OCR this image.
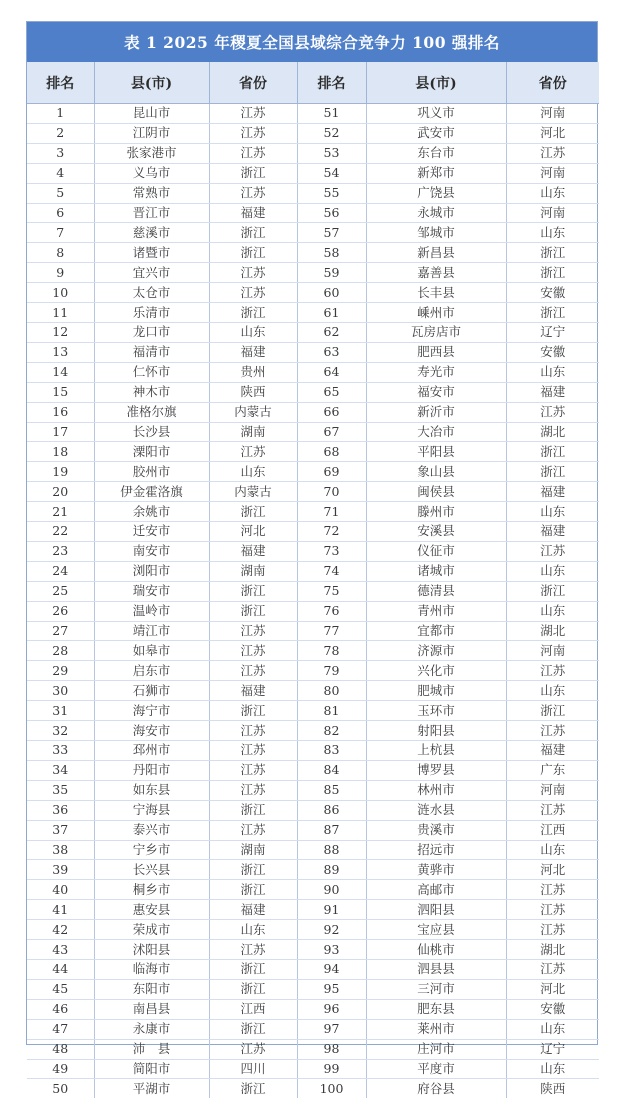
表 1 2025 年稷夏全国县域综合竞争力 100 强排名
排名	县(市)	省份	排名	县(市)	省份
1	昆山市	江苏	51	巩义市	河南
2	江阴市	江苏	52	武安市	河北
3	张家港市	江苏	53	东台市	江苏
4	义乌市	浙江	54	新郑市	河南
5	常熟市	江苏	55	广饶县	山东
6	晋江市	福建	56	永城市	河南
7	慈溪市	浙江	57	邹城市	山东
8	诸暨市	浙江	58	新昌县	浙江
9	宜兴市	江苏	59	嘉善县	浙江
10	太仓市	江苏	60	长丰县	安徽
11	乐清市	浙江	61	嵊州市	浙江
12	龙口市	山东	62	瓦房店市	辽宁
13	福清市	福建	63	肥西县	安徽
14	仁怀市	贵州	64	寿光市	山东
15	神木市	陕西	65	福安市	福建
16	准格尔旗	内蒙古	66	新沂市	江苏
17	长沙县	湖南	67	大冶市	湖北
18	溧阳市	江苏	68	平阳县	浙江
19	胶州市	山东	69	象山县	浙江
20	伊金霍洛旗	内蒙古	70	闽侯县	福建
21	余姚市	浙江	71	滕州市	山东
22	迁安市	河北	72	安溪县	福建
23	南安市	福建	73	仪征市	江苏
24	浏阳市	湖南	74	诸城市	山东
25	瑞安市	浙江	75	德清县	浙江
26	温岭市	浙江	76	青州市	山东
27	靖江市	江苏	77	宜都市	湖北
28	如皋市	江苏	78	济源市	河南
29	启东市	江苏	79	兴化市	江苏
30	石狮市	福建	80	肥城市	山东
31	海宁市	浙江	81	玉环市	浙江
32	海安市	江苏	82	射阳县	江苏
33	邳州市	江苏	83	上杭县	福建
34	丹阳市	江苏	84	博罗县	广东
35	如东县	江苏	85	林州市	河南
36	宁海县	浙江	86	涟水县	江苏
37	泰兴市	江苏	87	贵溪市	江西
38	宁乡市	湖南	88	招远市	山东
39	长兴县	浙江	89	黄骅市	河北
40	桐乡市	浙江	90	高邮市	江苏
41	惠安县	福建	91	泗阳县	江苏
42	荣成市	山东	92	宝应县	江苏
43	沭阳县	江苏	93	仙桃市	湖北
44	临海市	浙江	94	泗县县	江苏
45	东阳市	浙江	95	三河市	河北
46	南昌县	江西	96	肥东县	安徽
47	永康市	浙江	97	莱州市	山东
48	沛　县	江苏	98	庄河市	辽宁
49	简阳市	四川	99	平度市	山东
50	平湖市	浙江	100	府谷县	陕西
